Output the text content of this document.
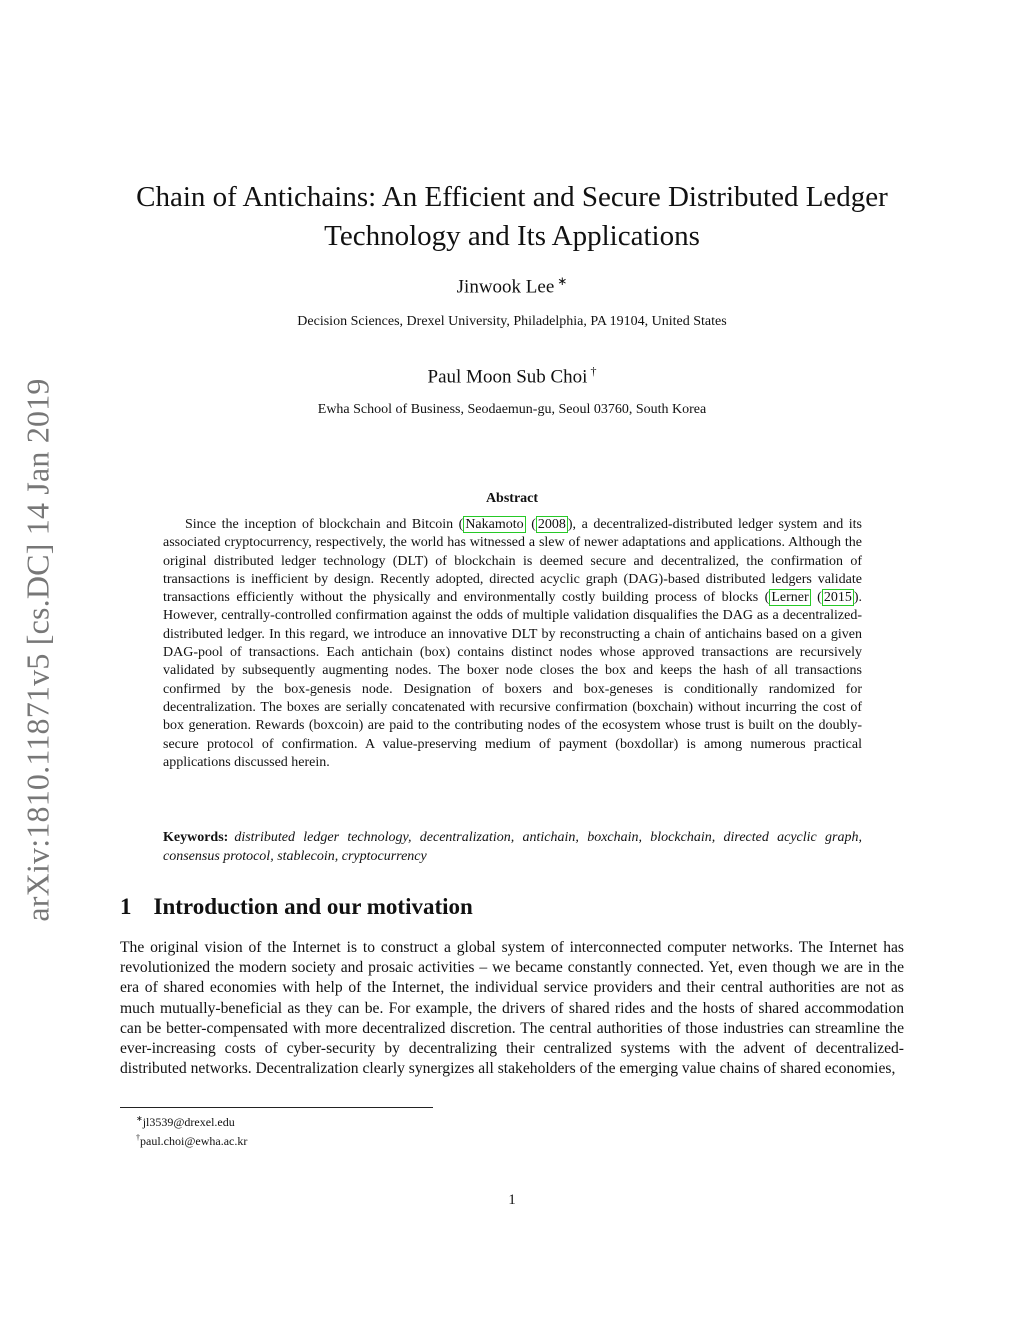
arXiv:1810.11871v5 [cs.DC] 14 Jan 2019
Chain of Antichains: An Efficient and Secure Distributed Ledger Technology and Its Applications
Jinwook Lee ∗
Decision Sciences, Drexel University, Philadelphia, PA 19104, United States
Paul Moon Sub Choi †
Ewha School of Business, Seodaemun-gu, Seoul 03760, South Korea
Abstract

Since the inception of blockchain and Bitcoin ( Nakamoto ( 2008 ), a decentralized-distributed ledger system and its associated cryptocurrency, respectively, the world has witnessed a slew of newer adaptations and applications. Although the original distributed ledger technology (DLT) of blockchain is deemed secure and decentralized, the confirmation of transactions is inefficient by design. Recently adopted, directed acyclic graph (DAG)-based distributed ledgers validate transactions efficiently without the physically and environmentally costly building process of blocks ( Lerner ( 2015 ). However, centrally-controlled confirmation against the odds of multiple validation disqualifies the DAG as a decentralized-distributed ledger. In this regard, we introduce an innovative DLT by reconstructing a chain of antichains based on a given DAG-pool of transactions. Each antichain (box) contains distinct nodes whose approved transactions are recursively validated by subsequently augmenting nodes. The boxer node closes the box and keeps the hash of all transactions confirmed by the box-genesis node. Designation of boxers and box-geneses is conditionally randomized for decentralization. The boxes are serially concatenated with recursive confirmation (boxchain) without incurring the cost of box generation. Rewards (boxcoin) are paid to the contributing nodes of the ecosystem whose trust is built on the doubly-secure protocol of confirmation. A value-preserving medium of payment (boxdollar) is among numerous practical applications discussed herein.

Keywords: distributed ledger technology, decentralization, antichain, boxchain, blockchain, directed acyclic graph, consensus protocol, stablecoin, cryptocurrency

1 Introduction and our motivation

The original vision of the Internet is to construct a global system of interconnected computer networks. The Internet has revolutionized the modern society and prosaic activities – we became constantly connected. Yet, even though we are in the era of shared economies with help of the Internet, the individual service providers and their central authorities are not as much mutually-beneficial as they can be. For example, the drivers of shared rides and the hosts of shared accommodation can be better-compensated with more decentralized discretion. The central authorities of those industries can streamline the ever-increasing costs of cyber-security by decentralizing their centralized systems with the advent of decentralized-distributed networks. Decentralization clearly synergizes all stakeholders of the emerging value chains of shared economies,

∗jl3539@drexel.edu
†paul.choi@ewha.ac.kr
1
